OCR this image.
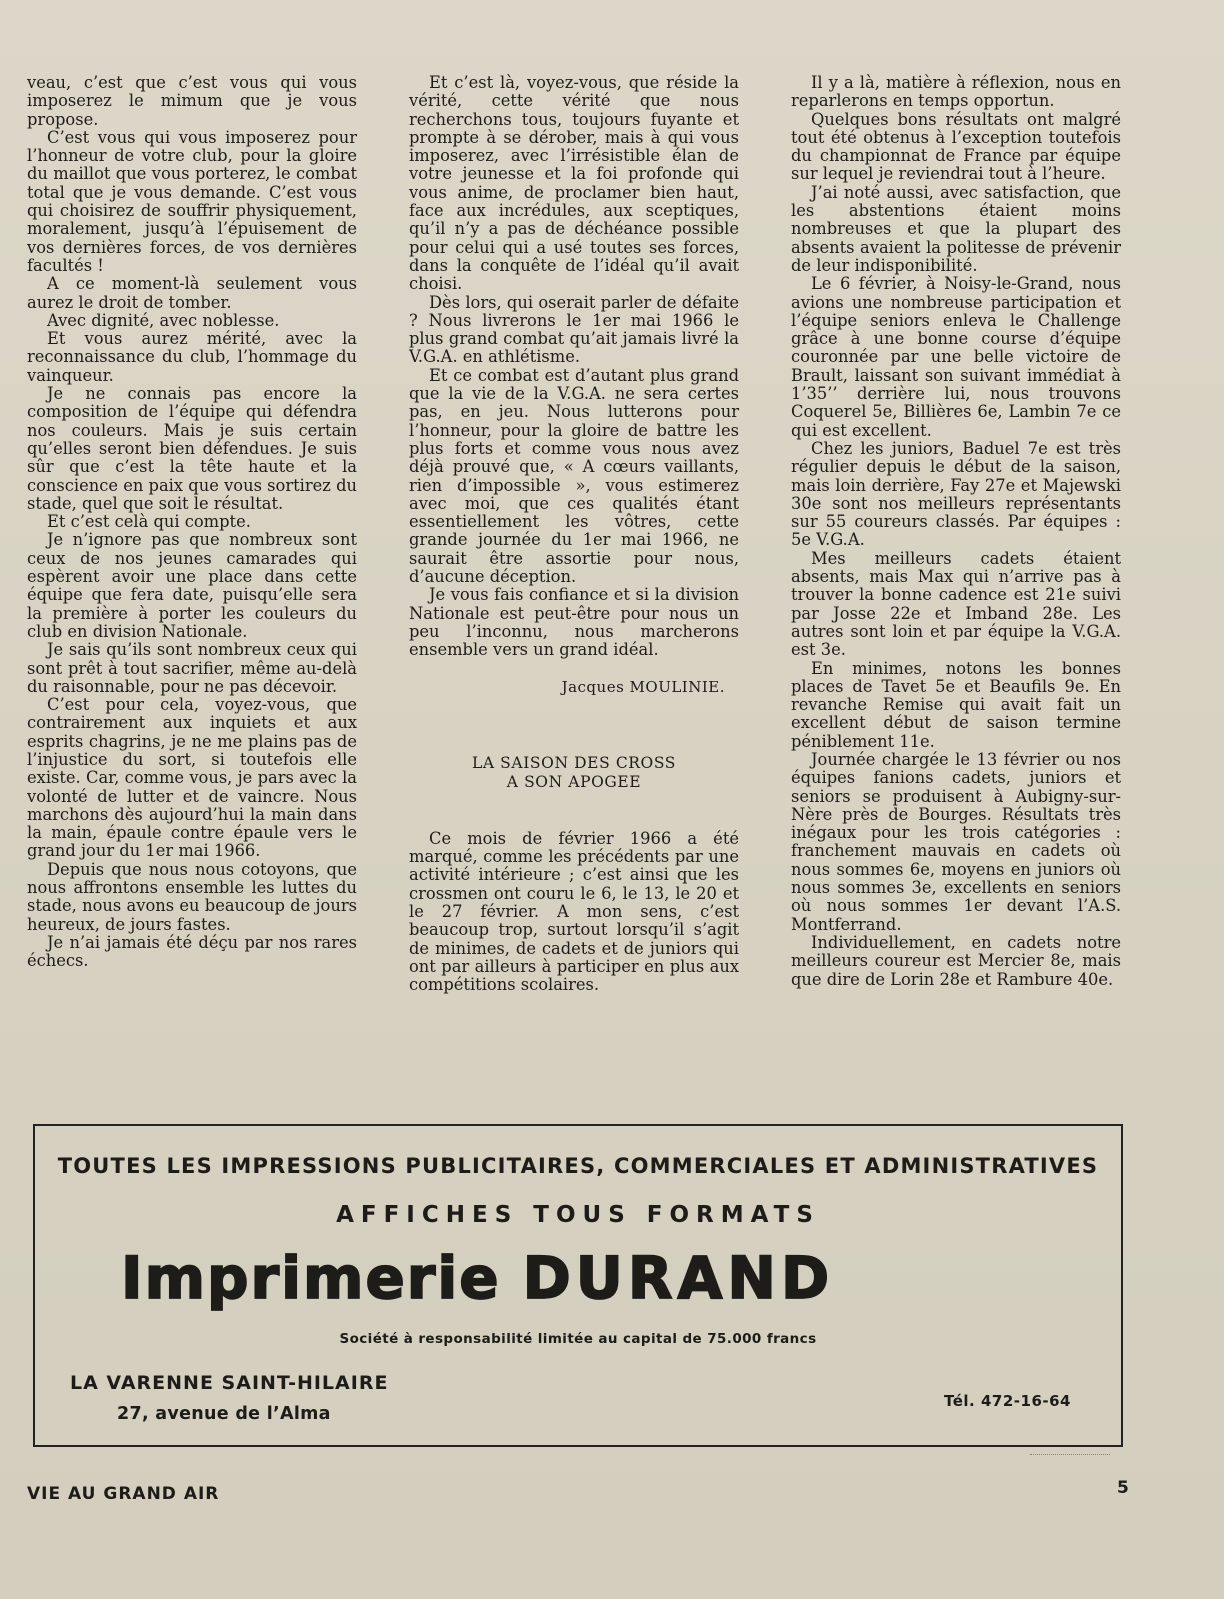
veau, c’est que c’est vous qui vous imposerez le mimum que je vous propose.

C’est vous qui vous imposerez pour l’honneur de votre club, pour la gloire du maillot que vous porterez, le combat total que je vous demande. C’est vous qui choisirez de souffrir physiquement, moralement, jusqu’à l’épuisement de vos dernières forces, de vos dernières facultés !

A ce moment-là seulement vous aurez le droit de tomber.

Avec dignité, avec noblesse.

Et vous aurez mérité, avec la reconnaissance du club, l’hommage du vainqueur.

Je ne connais pas encore la composition de l’équipe qui défendra nos couleurs. Mais je suis certain qu’elles seront bien défendues. Je suis sûr que c’est la tête haute et la conscience en paix que vous sortirez du stade, quel que soit le résultat.

Et c’est celà qui compte.

Je n’ignore pas que nombreux sont ceux de nos jeunes camarades qui espèrent avoir une place dans cette équipe que fera date, puisqu’elle sera la première à porter les couleurs du club en division Nationale.

Je sais qu’ils sont nombreux ceux qui sont prêt à tout sacrifier, même au-delà du raisonnable, pour ne pas décevoir.

C’est pour cela, voyez-vous, que contrairement aux inquiets et aux esprits chagrins, je ne me plains pas de l’injustice du sort, si toutefois elle existe. Car, comme vous, je pars avec la volonté de lutter et de vaincre. Nous marchons dès aujourd’hui la main dans la main, épaule contre épaule vers le grand jour du 1er mai 1966.

Depuis que nous nous cotoyons, que nous affrontons ensemble les luttes du stade, nous avons eu beaucoup de jours heureux, de jours fastes.

Je n’ai jamais été déçu par nos rares échecs.

Et c’est là, voyez-vous, que réside la vérité, cette vérité que nous recherchons tous, toujours fuyante et prompte à se dérober, mais à qui vous imposerez, avec l’irrésistible élan de votre jeunesse et la foi profonde qui vous anime, de proclamer bien haut, face aux incrédules, aux sceptiques, qu’il n’y a pas de déchéance possible pour celui qui a usé toutes ses forces, dans la conquête de l’idéal qu’il avait choisi.

Dès lors, qui oserait parler de défaite ? Nous livrerons le 1er mai 1966 le plus grand combat qu’ait jamais livré la V.G.A. en athlétisme.

Et ce combat est d’autant plus grand que la vie de la V.G.A. ne sera certes pas, en jeu. Nous lutterons pour l’honneur, pour la gloire de battre les plus forts et comme vous nous avez déjà prouvé que, « A cœurs vaillants, rien d’impossible », vous estimerez avec moi, que ces qualités étant essentiellement les vôtres, cette grande journée du 1er mai 1966, ne saurait être assortie pour nous, d’aucune déception.

Je vous fais confiance et si la division Nationale est peut-être pour nous un peu l’inconnu, nous marcherons ensemble vers un grand idéal.

Jacques MOULINIE.
LA SAISON DES CROSS
A SON APOGEE

Ce mois de février 1966 a été marqué, comme les précédents par une activité intérieure ; c’est ainsi que les crossmen ont couru le 6, le 13, le 20 et le 27 février. A mon sens, c’est beaucoup trop, surtout lorsqu’il s’agit de minimes, de cadets et de juniors qui ont par ailleurs à participer en plus aux compétitions scolaires.

Il y a là, matière à réflexion, nous en reparlerons en temps opportun.

Quelques bons résultats ont malgré tout été obtenus à l’exception toutefois du championnat de France par équipe sur lequel je reviendrai tout à l’heure.

J’ai noté aussi, avec satisfaction, que les abstentions étaient moins nombreuses et que la plupart des absents avaient la politesse de prévenir de leur indisponibilité.

Le 6 février, à Noisy-le-Grand, nous avions une nombreuse participation et l’équipe seniors enleva le Challenge grâce à une bonne course d’équipe couronnée par une belle victoire de Brault, laissant son suivant immédiat à 1’35’’ derrière lui, nous trouvons Coquerel 5e, Billières 6e, Lambin 7e ce qui est excellent.

Chez les juniors, Baduel 7e est très régulier depuis le début de la saison, mais loin derrière, Fay 27e et Majewski 30e sont nos meilleurs représentants sur 55 coureurs classés. Par équipes : 5e V.G.A.

Mes meilleurs cadets étaient absents, mais Max qui n’arrive pas à trouver la bonne cadence est 21e suivi par Josse 22e et Imband 28e. Les autres sont loin et par équipe la V.G.A. est 3e.

En minimes, notons les bonnes places de Tavet 5e et Beaufils 9e. En revanche Remise qui avait fait un excellent début de saison termine péniblement 11e.

Journée chargée le 13 février ou nos équipes fanions cadets, juniors et seniors se produisent à Aubigny-sur-Nère près de Bourges. Résultats très inégaux pour les trois catégories : franchement mauvais en cadets où nous sommes 6e, moyens en juniors où nous sommes 3e, excellents en seniors où nous sommes 1er devant l’A.S. Montferrand.

Individuellement, en cadets notre meilleurs coureur est Mercier 8e, mais que dire de Lorin 28e et Rambure 40e.

TOUTES LES IMPRESSIONS PUBLICITAIRES, COMMERCIALES ET ADMINISTRATIVES
AFFICHES TOUS FORMATS
Imprimerie DURAND
Société à responsabilité limitée au capital de 75.000 francs
LA VARENNE SAINT-HILAIRE
27, avenue de l’Alma
Tél. 472-16-64
VIE AU GRAND AIR	5
